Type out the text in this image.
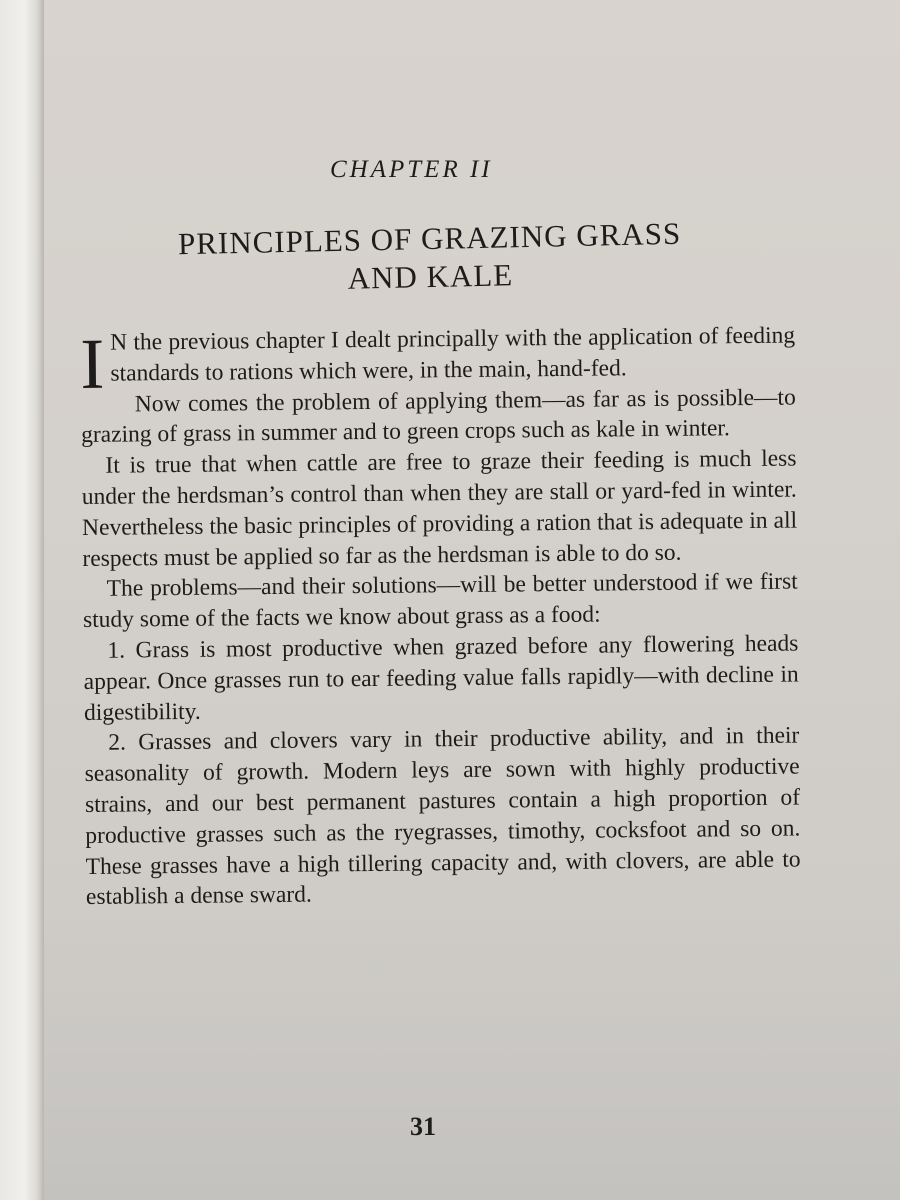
CHAPTER II
PRINCIPLES OF GRAZING GRASS
AND KALE

I N the previous chapter I dealt principally with the application of feeding standards to rations which were, in the main, hand-fed.

Now comes the problem of applying them—as far as is possible—to grazing of grass in summer and to green crops such as kale in winter.

It is true that when cattle are free to graze their feeding is much less under the herdsman’s control than when they are stall or yard-fed in winter. Nevertheless the basic principles of providing a ration that is adequate in all respects must be applied so far as the herdsman is able to do so.

The problems—and their solutions—will be better understood if we first study some of the facts we know about grass as a food:

1. Grass is most productive when grazed before any flowering heads appear. Once grasses run to ear feeding value falls rapidly—with decline in digestibility.

2. Grasses and clovers vary in their productive ability, and in their seasonality of growth. Modern leys are sown with highly productive strains, and our best permanent pastures contain a high proportion of productive grasses such as the ryegrasses, timothy, cocksfoot and so on. These grasses have a high tillering capacity and, with clovers, are able to establish a dense sward.

31
